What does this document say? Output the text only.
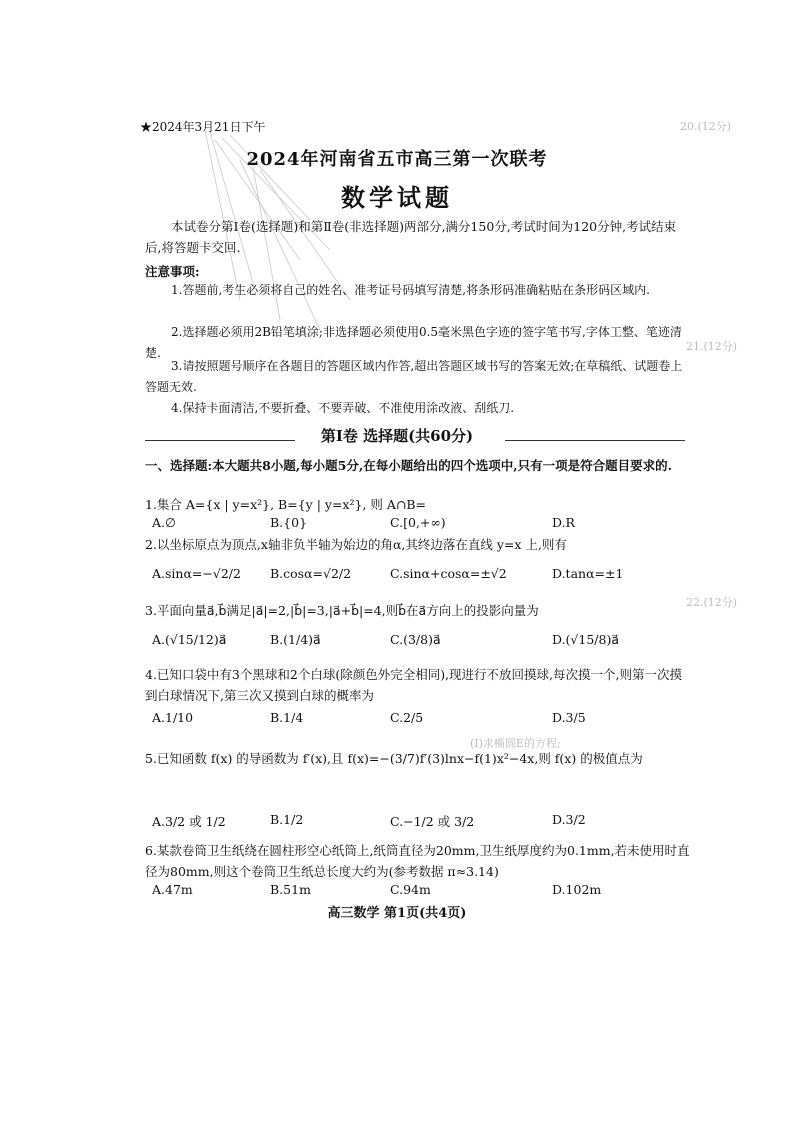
20.(12分)
21.(12分)
22.(12分)
(Ⅰ)求椭圆E的方程;
★2024年3月21日下午
2024年河南省五市高三第一次联考
数学试题
本试卷分第Ⅰ卷(选择题)和第Ⅱ卷(非选择题)两部分,满分150分,考试时间为120分钟,考试结束后,将答题卡交回.
注意事项:
1.答题前,考生必须将自己的姓名、准考证号码填写清楚,将条形码准确粘贴在条形码区域内.
2.选择题必须用2B铅笔填涂;非选择题必须使用0.5毫米黑色字迹的签字笔书写,字体工整、笔迹清楚.
3.请按照题号顺序在各题目的答题区域内作答,超出答题区域书写的答案无效;在草稿纸、试题卷上答题无效.
4.保持卡面清洁,不要折叠、不要弄破、不准使用涂改液、刮纸刀.
第Ⅰ卷 选择题(共60分)
一、选择题:本大题共8小题,每小题5分,在每小题给出的四个选项中,只有一项是符合题目要求的.
1.集合 A={x | y=x²}, B={y | y=x²}, 则 A∩B=
A.∅	B.{0}	C.[0,+∞)	D.R
2.以坐标原点为顶点,x轴非负半轴为始边的角α,其终边落在直线 y=x 上,则有
A.sinα=−√2/2 B.cosα=√2/2	C.sinα+cosα=±√2	D.tanα=±1
3.平面向量a⃗,b⃗满足|a⃗|=2,|b⃗|=3,|a⃗+b⃗|=4,则b⃗在a⃗方向上的投影向量为
A.(√15/12)a⃗	B.(1/4)a⃗	C.(3/8)a⃗	D.(√15/8)a⃗
4.已知口袋中有3个黑球和2个白球(除颜色外完全相同),现进行不放回摸球,每次摸一个,则第一次摸到白球情况下,第三次又摸到白球的概率为
A.1/10	B.1/4	C.2/5	D.3/5
5.已知函数 f(x) 的导函数为 f′(x),且 f(x)=−(3/7)f′(3)lnx−f(1)x²−4x,则 f(x) 的极值点为
A.3/2 或 1/2	B.1/2	C.−1/2 或 3/2	D.3/2
6.某款卷筒卫生纸绕在圆柱形空心纸筒上,纸筒直径为20mm,卫生纸厚度约为0.1mm,若未使用时直径为80mm,则这个卷筒卫生纸总长度大约为(参考数据 π≈3.14)
A.47m	B.51m	C.94m	D.102m
高三数学 第1页(共4页)
